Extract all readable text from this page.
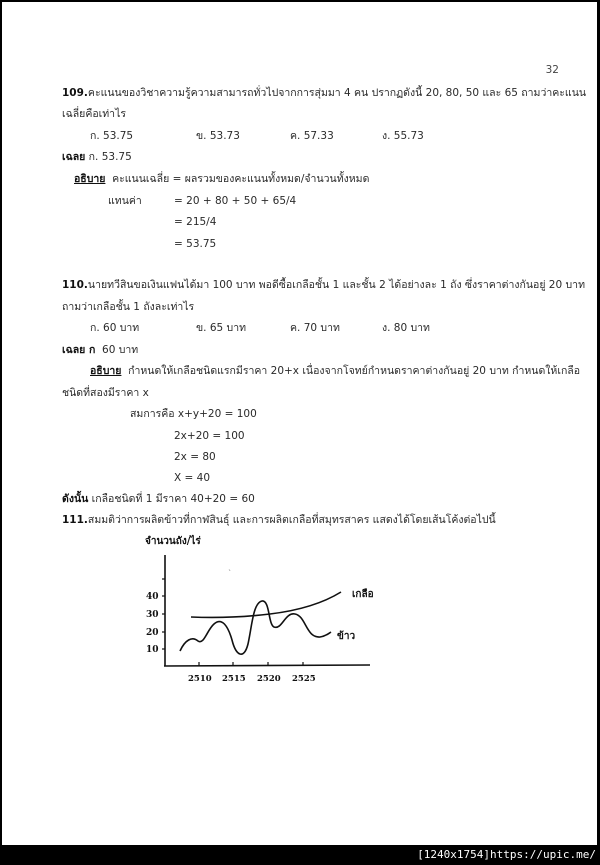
32
109.คะแนนของวิชาความรู้ความสามารถทั่วไปจากการสุ่มมา 4 คน ปรากฏดังนี้ 20, 80, 50 และ 65 ถามว่าคะแนน
เฉลี่ยคือเท่าไร
ก. 53.75	ข. 53.73	ค. 57.33	ง. 55.73
เฉลย ก. 53.75
อธิบาย คะแนนเฉลี่ย = ผลรวมของคะแนนทั้งหมด/จำนวนทั้งหมด
แทนค่า	= 20 + 80 + 50 + 65/4
= 215/4
= 53.75
110.นายทวีสินขอเงินแฟนได้มา 100 บาท พอดีซื้อเกลือชั้น 1 และชั้น 2 ได้อย่างละ 1 ถัง ซึ่งราคาต่างกันอยู่ 20 บาท
ถามว่าเกลือชั้น 1 ถังละเท่าไร
ก. 60 บาท	ข. 65 บาท	ค. 70 บาท	ง. 80 บาท
เฉลย ก 60 บาท
อธิบาย กำหนดให้เกลือชนิดแรกมีราคา 20+x เนื่องจากโจทย์กำหนดราคาต่างกันอยู่ 20 บาท กำหนดให้เกลือ
ชนิดที่สองมีราคา x
สมการคือ x+y+20 = 100
2x+20 = 100
2x = 80
X = 40
ดังนั้น เกลือชนิดที่ 1 มีราคา 40+20 = 60
111.สมมติว่าการผลิตข้าวที่กาฬสินธุ์ และการผลิตเกลือที่สมุทรสาคร แสดงได้โดยเส้นโค้งต่อไปนี้
จำนวนถัง/ไร่
40
30
20
10
2510 2515 2520 2525
เกลือ
ข้าว
ˋ
[1240x1754]https://upic.me/
